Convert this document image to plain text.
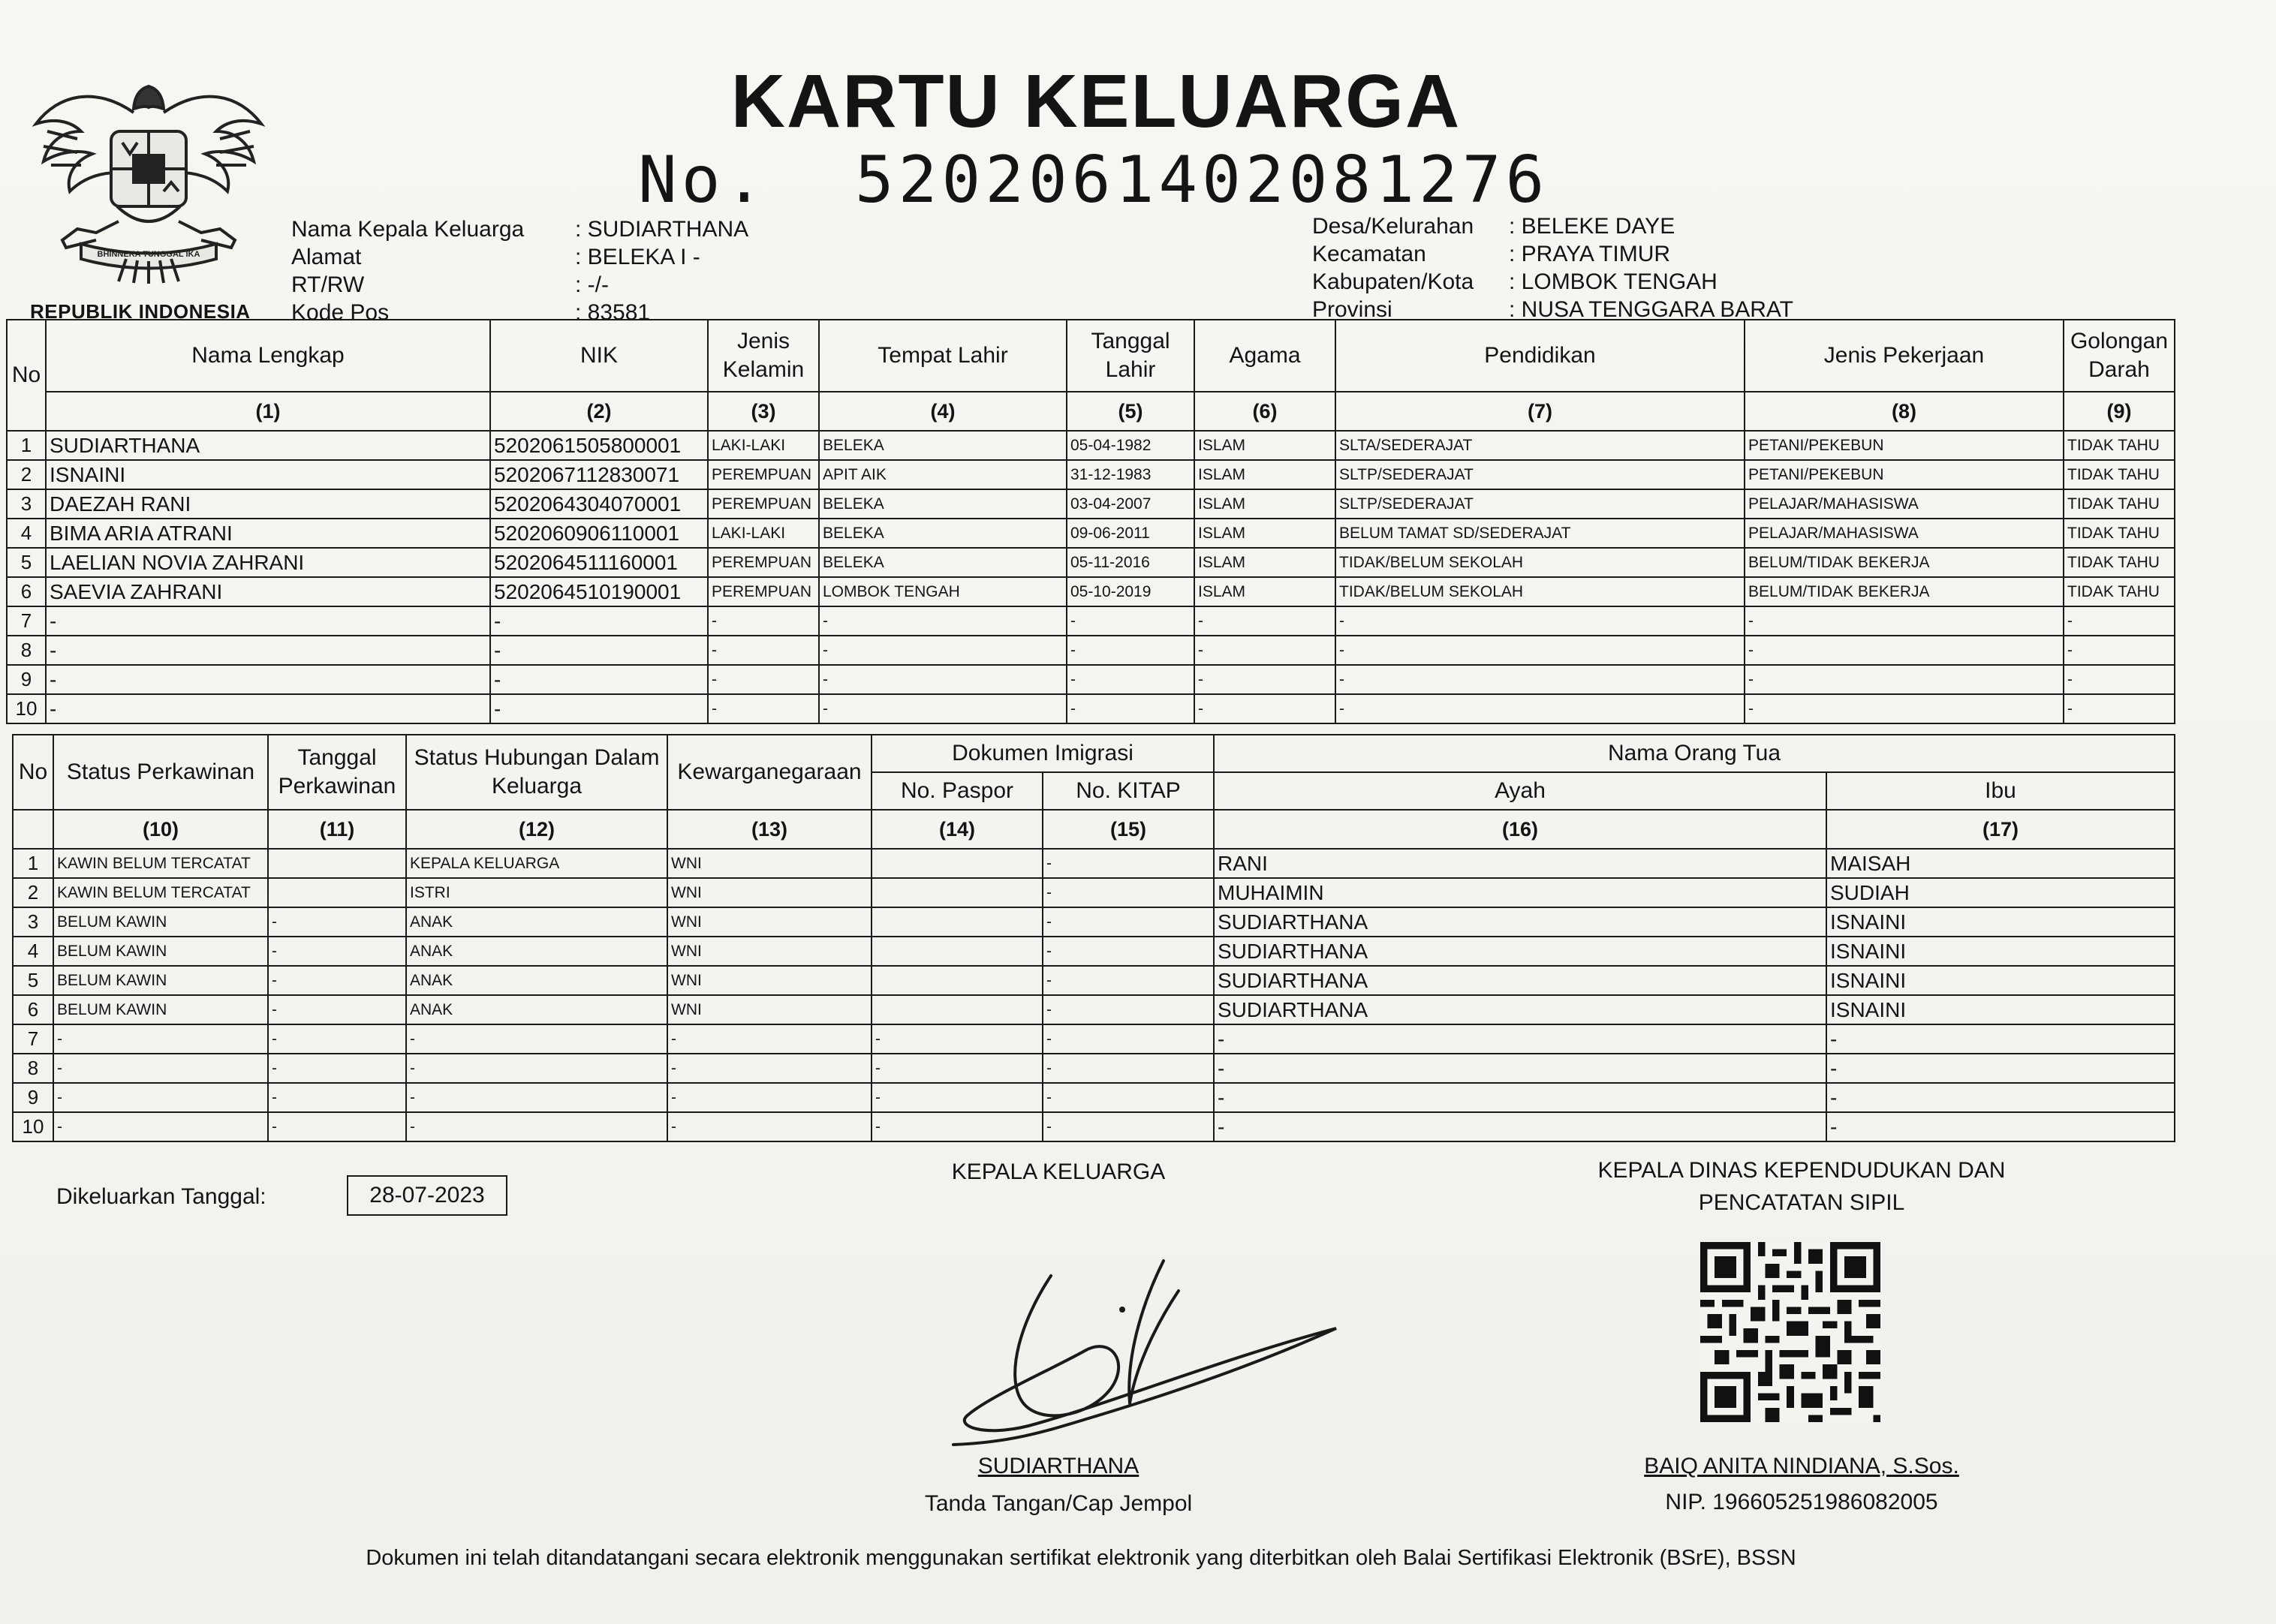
BHINNEKA TUNGGAL IKA
REPUBLIK INDONESIA
KARTU KELUARGA
No. 5202061402081276
Nama Kepala Keluarga	: SUDIARTHANA
Alamat	: BELEKA I -
RT/RW	: -/-
Kode Pos	: 83581
Desa/Kelurahan	: BELEKE DAYE
Kecamatan	: PRAYA TIMUR
Kabupaten/Kota	: LOMBOK TENGAH
Provinsi	: NUSA TENGGARA BARAT
No	Nama Lengkap	NIK	Jenis Kelamin	Tempat Lahir	Tanggal Lahir	Agama	Pendidikan	Jenis Pekerjaan	Golongan Darah
	(1)	(2)	(3)	(4)	(5)	(6)	(7)	(8)	(9)
1	SUDIARTHANA	5202061505800001	LAKI-LAKI	BELEKA	05-04-1982	ISLAM	SLTA/SEDERAJAT	PETANI/PEKEBUN	TIDAK TAHU
2	ISNAINI	5202067112830071	PEREMPUAN	APIT AIK	31-12-1983	ISLAM	SLTP/SEDERAJAT	PETANI/PEKEBUN	TIDAK TAHU
3	DAEZAH RANI	5202064304070001	PEREMPUAN	BELEKA	03-04-2007	ISLAM	SLTP/SEDERAJAT	PELAJAR/MAHASISWA	TIDAK TAHU
4	BIMA ARIA ATRANI	5202060906110001	LAKI-LAKI	BELEKA	09-06-2011	ISLAM	BELUM TAMAT SD/SEDERAJAT	PELAJAR/MAHASISWA	TIDAK TAHU
5	LAELIAN NOVIA ZAHRANI	5202064511160001	PEREMPUAN	BELEKA	05-11-2016	ISLAM	TIDAK/BELUM SEKOLAH	BELUM/TIDAK BEKERJA	TIDAK TAHU
6	SAEVIA ZAHRANI	5202064510190001	PEREMPUAN	LOMBOK TENGAH	05-10-2019	ISLAM	TIDAK/BELUM SEKOLAH	BELUM/TIDAK BEKERJA	TIDAK TAHU
7	-	-	-	-	-	-	-	-	-
8	-	-	-	-	-	-	-	-	-
9	-	-	-	-	-	-	-	-	-
10	-	-	-	-	-	-	-	-	-
No	Status Perkawinan	Tanggal Perkawinan	Status Hubungan Dalam Keluarga	Kewarganegaraan	Dokumen Imigrasi		Nama Orang Tua	
					No. Paspor	No. KITAP	Ayah	Ibu
	(10)	(11)	(12)	(13)	(14)	(15)	(16)	(17)
1	KAWIN BELUM TERCATAT		KEPALA KELUARGA	WNI		-	RANI	MAISAH
2	KAWIN BELUM TERCATAT		ISTRI	WNI		-	MUHAIMIN	SUDIAH
3	BELUM KAWIN	-	ANAK	WNI		-	SUDIARTHANA	ISNAINI
4	BELUM KAWIN	-	ANAK	WNI		-	SUDIARTHANA	ISNAINI
5	BELUM KAWIN	-	ANAK	WNI		-	SUDIARTHANA	ISNAINI
6	BELUM KAWIN	-	ANAK	WNI		-	SUDIARTHANA	ISNAINI
7	-	-	-	-	-	-	-	-
8	-	-	-	-	-	-	-	-
9	-	-	-	-	-	-	-	-
10	-	-	-	-	-	-	-	-
Dikeluarkan Tanggal:	28-07-2023
KEPALA KELUARGA
SUDIARTHANA
Tanda Tangan/Cap Jempol
KEPALA DINAS KEPENDUDUKAN DAN
PENCATATAN SIPIL
BAIQ ANITA NINDIANA, S.Sos.
NIP. 196605251986082005
Dokumen ini telah ditandatangani secara elektronik menggunakan sertifikat elektronik yang diterbitkan oleh Balai Sertifikasi Elektronik (BSrE), BSSN
